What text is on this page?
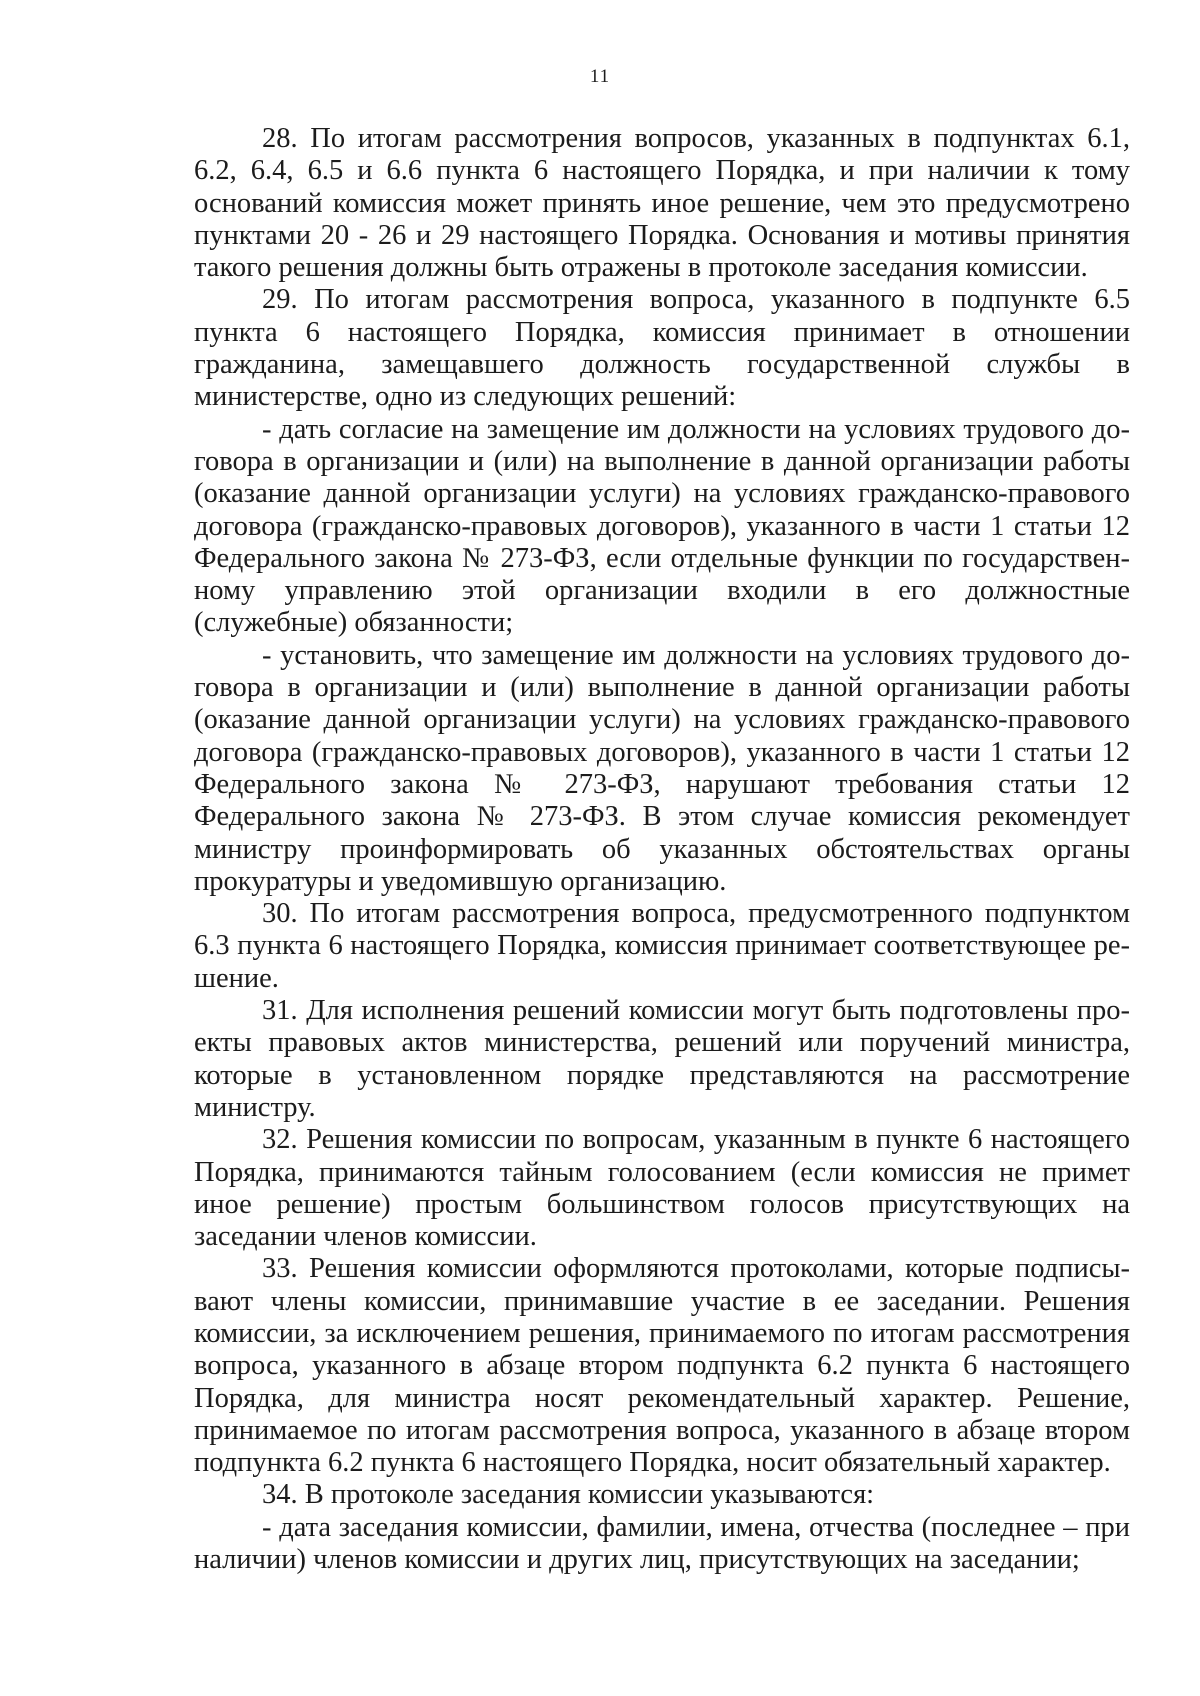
11

28. По итогам рассмотрения вопросов, указанных в подпунктах 6.1, 6.2, 6.4, 6.5 и 6.6 пункта 6 настоящего Порядка, и при наличии к тому оснований комиссия может принять иное решение, чем это предусмотрено пунктами 20 - 26 и 29 настоящего Порядка. Основания и мотивы принятия такого решения должны быть отражены в протоколе заседания комиссии.

29. По итогам рассмотрения вопроса, указанного в подпункте 6.5 пункта 6 настоящего Порядка, комиссия принимает в отношении гражданина, замещавшего должность государственной службы в министерстве, одно из следующих решений:

- дать согласие на замещение им должности на условиях трудового договора в организации и (или) на выполнение в данной организации работы (оказание данной организации услуги) на условиях гражданско-правового договора (гражданско-правовых договоров), указанного в части 1 статьи 12 Федерального закона № 273-ФЗ, если отдельные функции по государственному управлению этой организации входили в его должностные (служебные) обязанности;

- установить, что замещение им должности на условиях трудового договора в организации и (или) выполнение в данной организации работы (оказание данной организации услуги) на условиях гражданско-правового договора (гражданско-правовых договоров), указанного в части 1 статьи 12 Федерального закона № 273-ФЗ, нарушают требования статьи 12 Федерального закона № 273-ФЗ. В этом случае комиссия рекомендует министру проинформировать об указанных обстоятельствах органы прокуратуры и уведомившую организацию.

30. По итогам рассмотрения вопроса, предусмотренного подпунктом 6.3 пункта 6 настоящего Порядка, комиссия принимает соответствующее решение.

31. Для исполнения решений комиссии могут быть подготовлены проекты правовых актов министерства, решений или поручений министра, которые в установленном порядке представляются на рассмотрение министру.

32. Решения комиссии по вопросам, указанным в пункте 6 настоящего Порядка, принимаются тайным голосованием (если комиссия не примет иное решение) простым большинством голосов присутствующих на заседании членов комиссии.

33. Решения комиссии оформляются протоколами, которые подписывают члены комиссии, принимавшие участие в ее заседании. Решения комиссии, за исключением решения, принимаемого по итогам рассмотрения вопроса, указанного в абзаце втором подпункта 6.2 пункта 6 настоящего Порядка, для министра носят рекомендательный характер. Решение, принимаемое по итогам рассмотрения вопроса, указанного в абзаце втором подпункта 6.2 пункта 6 настоящего Порядка, носит обязательный характер.

34. В протоколе заседания комиссии указываются:

- дата заседания комиссии, фамилии, имена, отчества (последнее – при наличии) членов комиссии и других лиц, присутствующих на заседании;
